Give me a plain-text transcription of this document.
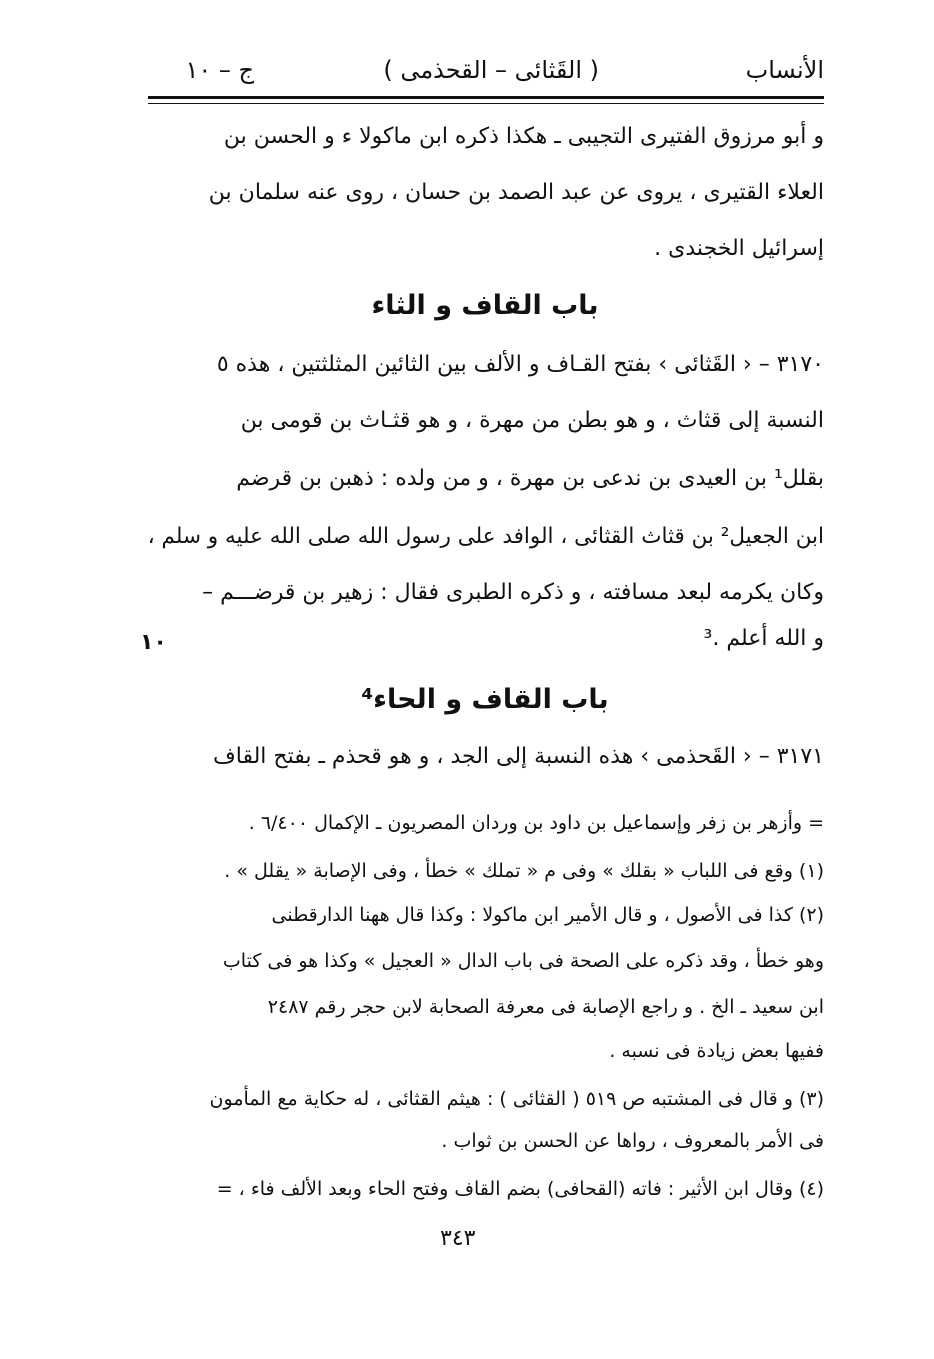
الأنساب
( القَثائى – القحذمى )
ج – ١٠
و أبو مرزوق الفتيرى التجيبى ـ هكذا ذكره ابن ماكولا ء و الحسن بن
العلاء القتيرى ، يروى عن عبد الصمد بن حسان ، روى عنه سلمان بن
إسرائيل الخجندى .
باب القاف و الثاء
٣١٧٠ – ‹ القَثائى › بفتح القـاف و الألف بين الثائين المثلثتين ، هذه ٥
النسبة إلى قثاث ، و هو بطن من مهرة ، و هو قثـاث بن قومى بن
بقلل¹ بن العيدى بن ندعى بن مهرة ، و من ولده : ذهبن بن قرضم
ابن الجعيل² بن قثاث القثائى ، الوافد على رسول الله صلى الله عليه و سلم ،
وكان يكرمه لبعد مسافته ، و ذكره الطبرى فقال : زهير بن قرضـــم –
و الله أعلم .³
١٠
باب القاف و الحاء⁴
٣١٧١ – ‹ القَحذمى › هذه النسبة إلى الجد ، و هو قحذم ـ بفتح القاف
= وأزهر بن زفر وإسماعيل بن داود بن وردان المصريون ـ الإكمال ٦/٤٠٠ .
(١) وقع فى اللباب « بقلك » وفى م « تملك » خطأ ، وفى الإصابة « يقلل » .
(٢) كذا فى الأصول ، و قال الأمير ابن ماكولا : وكذا قال ههنا الدارقطنى
وهو خطأ ، وقد ذكره على الصحة فى باب الدال « العجيل » وكذا هو فى كتاب
ابن سعيد ـ الخ . و راجع الإصابة فى معرفة الصحابة لابن حجر رقم ٢٤٨٧
ففيها بعض زيادة فى نسبه .
(٣) و قال فى المشتبه ص ٥١٩ ( القثائى ) : هيثم القثائى ، له حكاية مع المأمون
فى الأمر بالمعروف ، رواها عن الحسن بن ثواب .
(٤) وقال ابن الأثير : فاته (القحافى) بضم القاف وفتح الحاء وبعد الألف فاء ، =
٣٤٣
